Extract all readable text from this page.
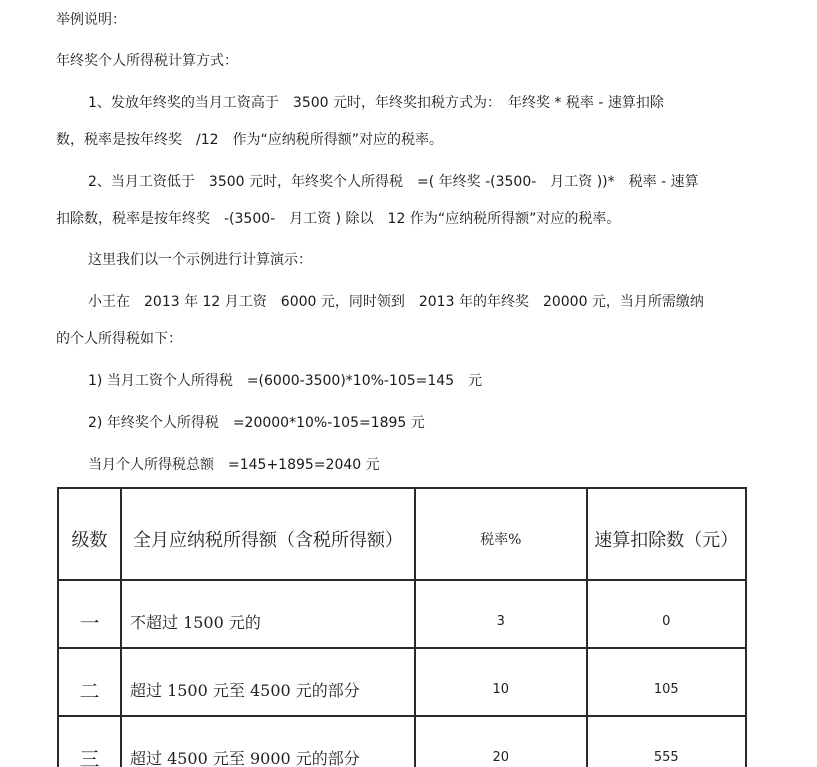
举例说明：
年终奖个人所得税计算方式：
1、发放年终奖的当月工资高于　3500 元时，年终奖扣税方式为：　年终奖 * 税率 - 速算扣除
数，税率是按年终奖　/12　作为“应纳税所得额”对应的税率。
2、当月工资低于　3500 元时，年终奖个人所得税　=( 年终奖 -(3500-　月工资 ))*　税率 - 速算
扣除数，税率是按年终奖　-(3500-　月工资 ) 除以　12 作为“应纳税所得额”对应的税率。
这里我们以一个示例进行计算演示：
小王在　2013 年 12 月工资　6000 元，同时领到　2013 年的年终奖　20000 元，当月所需缴纳
的个人所得税如下：
1) 当月工资个人所得税　=(6000-3500)*10%-105=145　元
2) 年终奖个人所得税　=20000*10%-105=1895 元
当月个人所得税总额　=145+1895=2040 元
级数	全月应纳税所得额（含税所得额）	税率%	速算扣除数（元）
一	不超过 1500 元的	3	0
二	超过 1500 元至 4500 元的部分	10	105
三	超过 4500 元至 9000 元的部分	20	555
